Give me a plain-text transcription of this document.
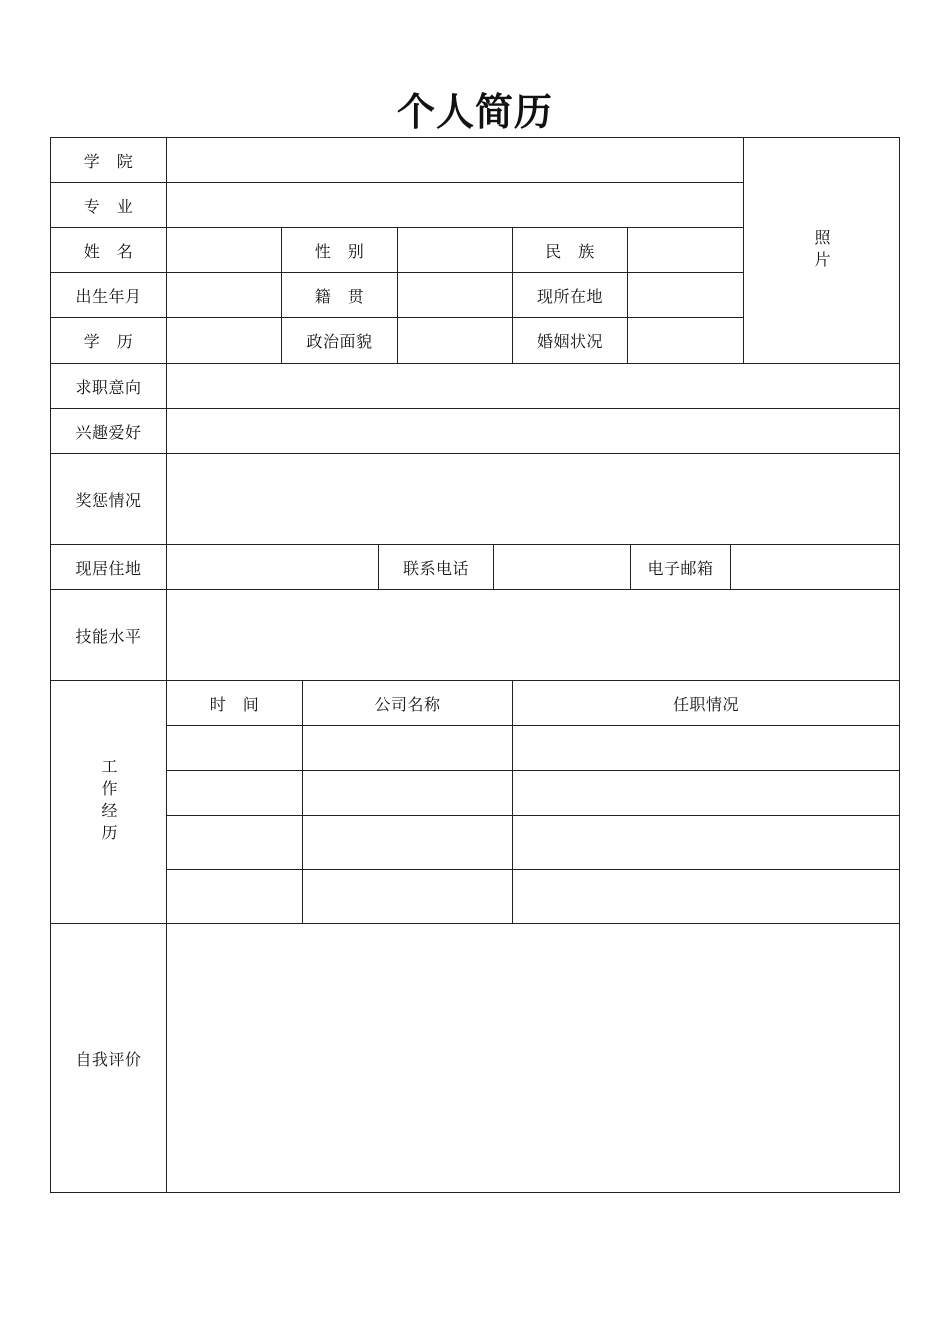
个人简历
学　院
照片
专　业
姓　名	性　别	民　族
出生年月	籍　贯	现所在地
学　历	政治面貌	婚姻状况
求职意向
兴趣爱好
奖惩情况
现居住地	联系电话	电子邮箱
技能水平
工作经历
时　间	公司名称	任职情况
自我评价
